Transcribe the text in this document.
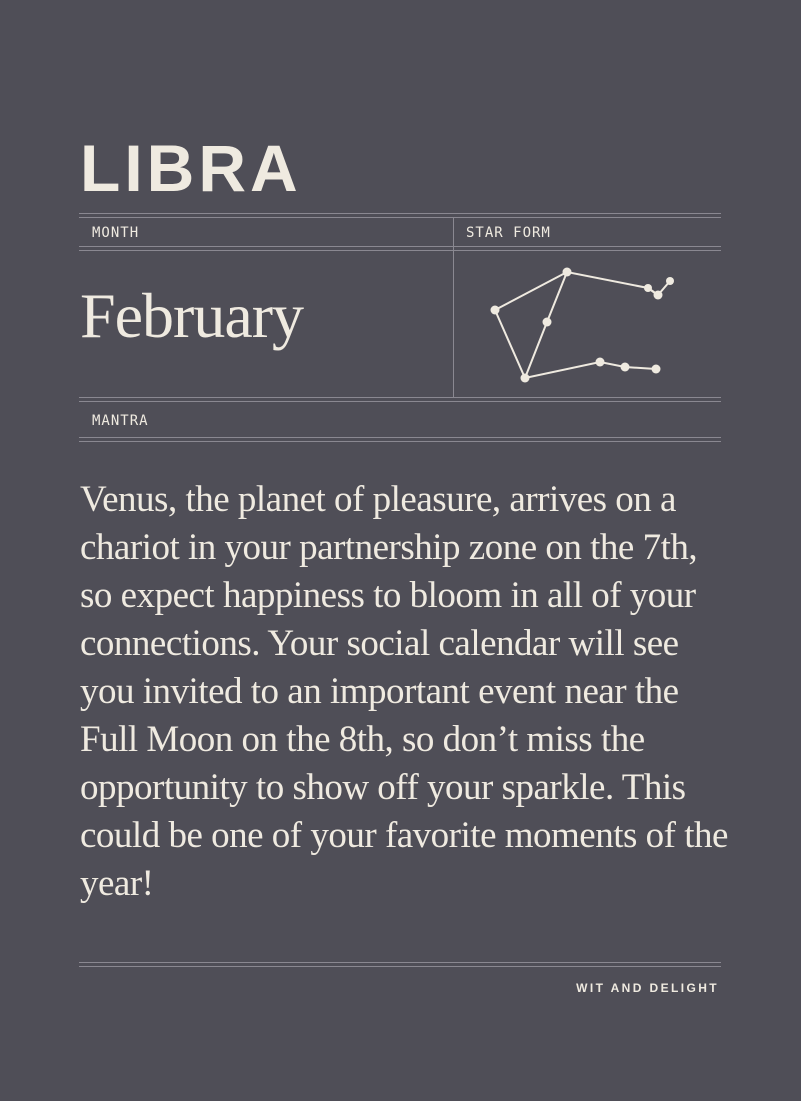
LIBRA
MONTH	STAR FORM
February
MANTRA

Venus, the planet of pleasure, arrives on a chariot in your partnership zone on the 7th, so expect happiness to bloom in all of your connections. Your social calendar will see you invited to an important event near the Full Moon on the 8th, so don’t miss the opportunity to show off your sparkle. This could be one of your favorite moments of the year!

WIT AND DELIGHT
